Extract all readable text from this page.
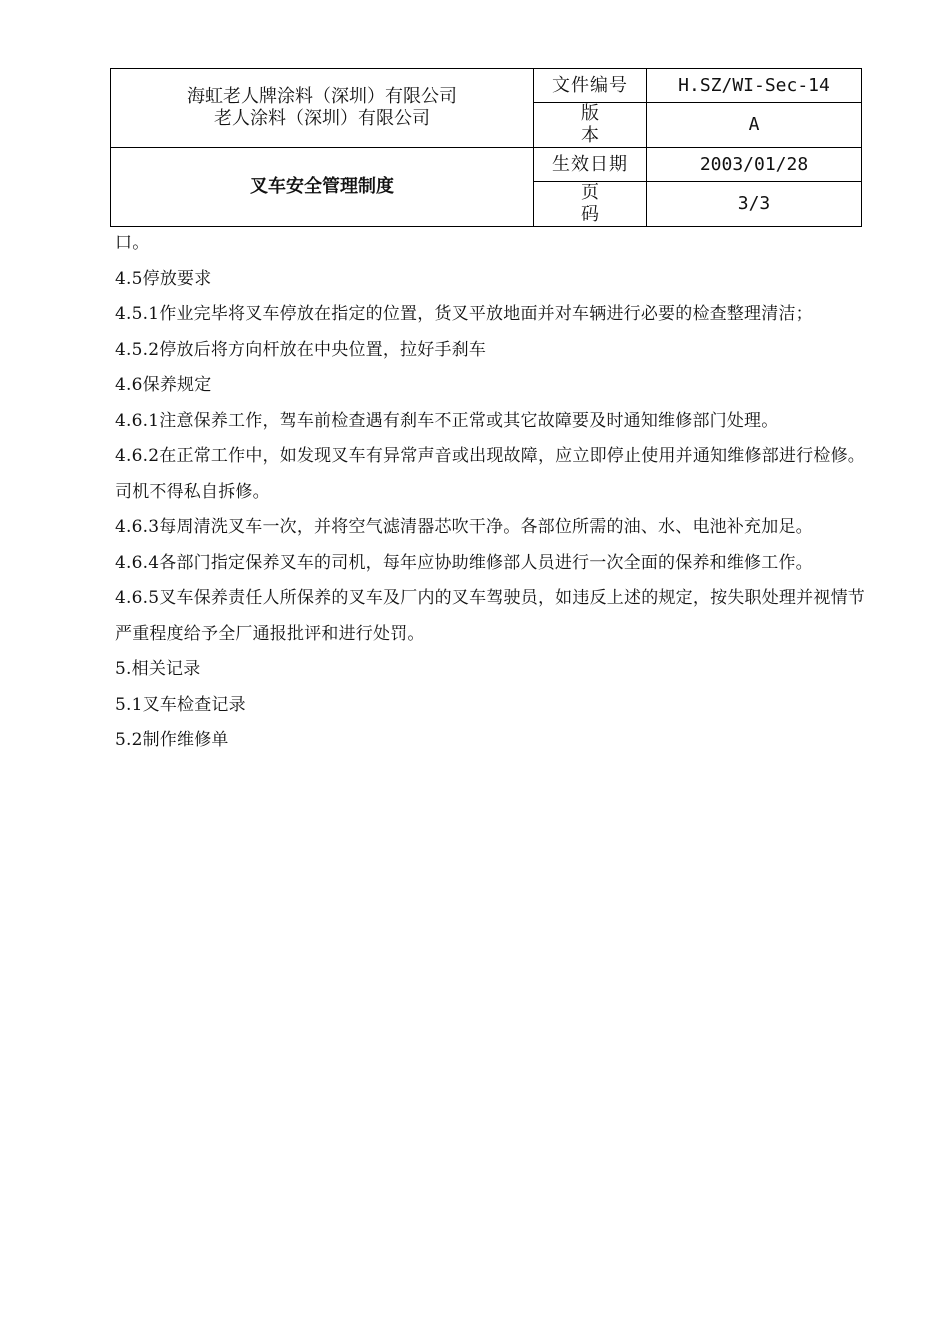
海虹老人牌涂料（深圳）有限公司
老人涂料（深圳）有限公司	文件编号	H.SZ/WI-Sec-14
	版 本	A
叉车安全管理制度	生效日期	2003/01/28
	页 码	3/3

口。

4.5停放要求

4.5.1作业完毕将叉车停放在指定的位置，货叉平放地面并对车辆进行必要的检查整理清洁；

4.5.2停放后将方向杆放在中央位置，拉好手刹车

4.6保养规定

4.6.1注意保养工作，驾车前检查遇有刹车不正常或其它故障要及时通知维修部门处理。

4.6.2在正常工作中，如发现叉车有异常声音或出现故障，应立即停止使用并通知维修部进行检修。司机不得私自拆修。

4.6.3每周清洗叉车一次，并将空气滤清器芯吹干净。各部位所需的油、水、电池补充加足。

4.6.4各部门指定保养叉车的司机，每年应协助维修部人员进行一次全面的保养和维修工作。

4.6.5叉车保养责任人所保养的叉车及厂内的叉车驾驶员，如违反上述的规定，按失职处理并视情节严重程度给予全厂通报批评和进行处罚。

5.相关记录

5.1叉车检查记录

5.2制作维修单
